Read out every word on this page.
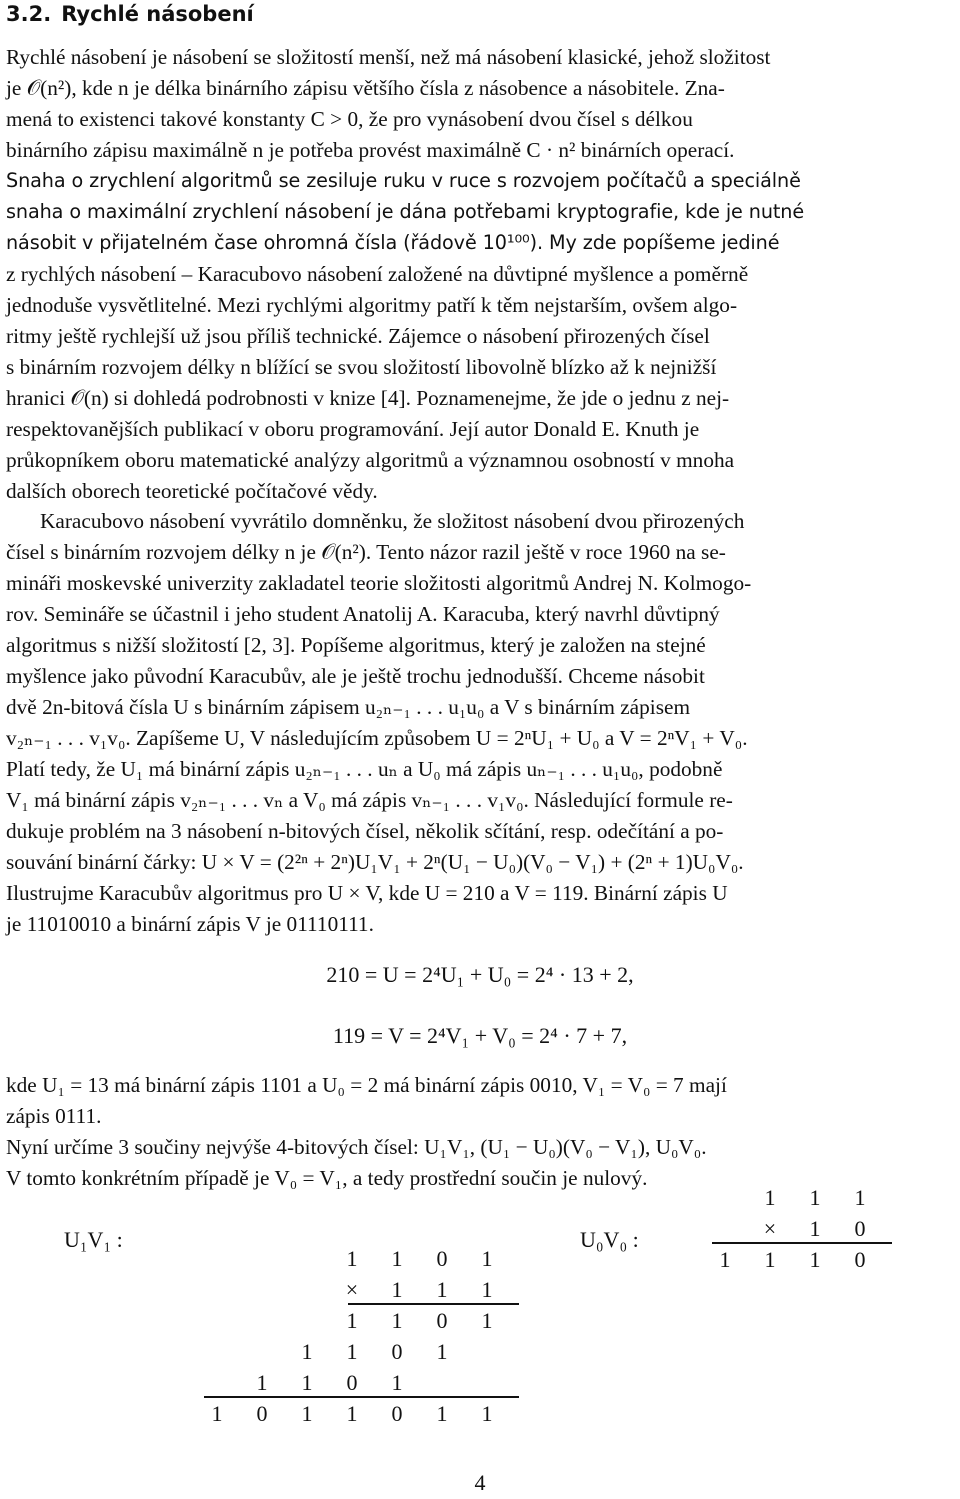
3.2. Rychlé násobení

Rychlé násobení je násobení se složitostí menší, než má násobení klasické, jehož složitost

je 𝒪(n²), kde n je délka binárního zápisu většího čísla z násobence a násobitele. Zna-

mená to existenci takové konstanty C > 0, že pro vynásobení dvou čísel s délkou

binárního zápisu maximálně n je potřeba provést maximálně C · n² binárních operací.

Snaha o zrychlení algoritmů se zesiluje ruku v ruce s rozvojem počítačů a speciálně

snaha o maximální zrychlení násobení je dána potřebami kryptografie, kde je nutné

násobit v přijatelném čase ohromná čísla (řádově 10¹⁰⁰). My zde popíšeme jediné

z rychlých násobení – Karacubovo násobení založené na důvtipné myšlence a poměrně

jednoduše vysvětlitelné. Mezi rychlými algoritmy patří k těm nejstarším, ovšem algo-

ritmy ještě rychlejší už jsou příliš technické. Zájemce o násobení přirozených čísel

s binárním rozvojem délky n blížící se svou složitostí libovolně blízko až k nejnižší

hranici 𝒪(n) si dohledá podrobnosti v knize [4]. Poznamenejme, že jde o jednu z nej-

respektovanějších publikací v oboru programování. Její autor Donald E. Knuth je

průkopníkem oboru matematické analýzy algoritmů a významnou osobností v mnoha

dalších oborech teoretické počítačové vědy.

Karacubovo násobení vyvrátilo domněnku, že složitost násobení dvou přirozených

čísel s binárním rozvojem délky n je 𝒪(n²). Tento názor razil ještě v roce 1960 na se-

mináři moskevské univerzity zakladatel teorie složitosti algoritmů Andrej N. Kolmogo-

rov. Semináře se účastnil i jeho student Anatolij A. Karacuba, který navrhl důvtipný

algoritmus s nižší složitostí [2, 3]. Popíšeme algoritmus, který je založen na stejné

myšlence jako původní Karacubův, ale je ještě trochu jednodušší. Chceme násobit

dvě 2n-bitová čísla U s binárním zápisem u₂ₙ₋₁ . . . u₁u₀ a V s binárním zápisem

v₂ₙ₋₁ . . . v₁v₀. Zapíšeme U, V následujícím způsobem U = 2ⁿU₁ + U₀ a V = 2ⁿV₁ + V₀.

Platí tedy, že U₁ má binární zápis u₂ₙ₋₁ . . . uₙ a U₀ má zápis uₙ₋₁ . . . u₁u₀, podobně

V₁ má binární zápis v₂ₙ₋₁ . . . vₙ a V₀ má zápis vₙ₋₁ . . . v₁v₀. Následující formule re-

dukuje problém na 3 násobení n-bitových čísel, několik sčítání, resp. odečítání a po-

souvání binární čárky: U × V = (2²ⁿ + 2ⁿ)U₁V₁ + 2ⁿ(U₁ − U₀)(V₀ − V₁) + (2ⁿ + 1)U₀V₀.

Ilustrujme Karacubův algoritmus pro U × V, kde U = 210 a V = 119. Binární zápis U

je 11010010 a binární zápis V je 01110111.

210 = U = 2⁴U₁ + U₀ = 2⁴ · 13 + 2,
119 = V = 2⁴V₁ + V₀ = 2⁴ · 7 + 7,

kde U₁ = 13 má binární zápis 1101 a U₀ = 2 má binární zápis 0010, V₁ = V₀ = 7 mají

zápis 0111.

Nyní určíme 3 součiny nejvýše 4-bitových čísel: U₁V₁, (U₁ − U₀)(V₀ − V₁), U₀V₀.

V tomto konkrétním případě je V₀ = V₁, a tedy prostřední součin je nulový.

U₁V₁ :
1	1	0	1
×	1	1	1
1	1	0	1
1	1	0	1
1	1	0	1
1	0	1	1	0	1	1
U₀V₀ :
1	1	1
×	1	0
1	1	1	0
4
